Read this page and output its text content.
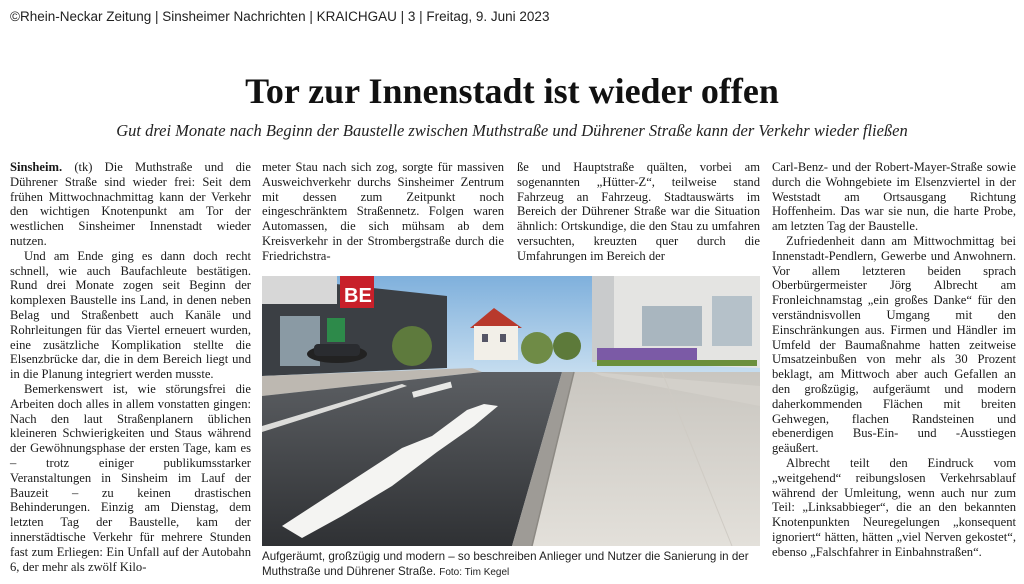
©Rhein-Neckar Zeitung | Sinsheimer Nachrichten | KRAICHGAU | 3 | Freitag, 9. Juni 2023
Tor zur Innenstadt ist wieder offen
Gut drei Monate nach Beginn der Baustelle zwischen Muthstraße und Dührener Straße kann der Verkehr wieder fließen

Sinsheim. (tk) Die Muthstraße und die Dührener Straße sind wieder frei: Seit dem frühen Mittwochnachmittag kann der Verkehr den wichtigen Knotenpunkt am Tor der westlichen Sinsheimer Innenstadt wieder nutzen.

Und am Ende ging es dann doch recht schnell, wie auch Baufachleute bestätigen. Rund drei Monate zogen seit Beginn der komplexen Baustelle ins Land, in denen neben Belag und Straßenbett auch Kanäle und Rohrleitungen für das Viertel erneuert wurden, eine zusätzliche Komplikation stellte die Elsenzbrücke dar, die in dem Bereich liegt und in die Planung integriert werden musste.

Bemerkenswert ist, wie störungsfrei die Arbeiten doch alles in allem vonstatten gingen: Nach den laut Straßenplanern üblichen kleineren Schwierigkeiten und Staus während der Gewöhnungsphase der ersten Tage, kam es – trotz einiger publikumsstarker Veranstaltungen in Sinsheim im Lauf der Bauzeit – zu keinen drastischen Behinderungen. Einzig am Dienstag, dem letzten Tag der Baustelle, kam der innerstädtische Verkehr für mehrere Stunden fast zum Erliegen: Ein Unfall auf der Autobahn 6, der mehr als zwölf Kilo-

meter Stau nach sich zog, sorgte für massiven Ausweichverkehr durchs Sinsheimer Zentrum mit dessen zum Zeitpunkt noch eingeschränktem Straßennetz. Folgen waren Automassen, die sich mühsam ab dem Kreisverkehr in der Strombergstraße durch die Friedrichstra-

ße und Hauptstraße quälten, vorbei am sogenannten „Hütter-Z“, teilweise stand Fahrzeug an Fahrzeug. Stadtauswärts im Bereich der Dührener Straße war die Situation ähnlich: Ortskundige, die den Stau zu umfahren versuchten, kreuzten quer durch die Umfahrungen im Bereich der

Carl-Benz- und der Robert-Mayer-Straße sowie durch die Wohngebiete im Elsenzviertel in der Weststadt am Ortsausgang Richtung Hoffenheim. Das war sie nun, die harte Probe, am letzten Tag der Baustelle.

Zufriedenheit dann am Mittwochmittag bei Innenstadt-Pendlern, Gewerbe und Anwohnern. Vor allem letzteren beiden sprach Oberbürgermeister Jörg Albrecht am Fronleichnamstag „ein großes Danke“ für den verständnisvollen Umgang mit den Einschränkungen aus. Firmen und Händler im Umfeld der Baumaßnahme hatten zeitweise Umsatzeinbußen von mehr als 30 Prozent beklagt, am Mittwoch aber auch Gefallen an den großzügig, aufgeräumt und modern daherkommenden Flächen mit breiten Gehwegen, flachen Randsteinen und ebenerdigen Bus-Ein- und -Ausstiegen geäußert.

Albrecht teilt den Eindruck vom „weitgehend“ reibungslosen Verkehrsablauf während der Umleitung, wenn auch nur zum Teil: „Linksabbieger“, die an den bekannten Knotenpunkten Neuregelungen „konsequent ignoriert“ hätten, hätten „viel Nerven gekostet“, ebenso „Falschfahrer in Einbahnstraßen“.

BE
Aufgeräumt, großzügig und modern – so beschreiben Anlieger und Nutzer die Sanierung in der Muthstraße und Dührener Straße. Foto: Tim Kegel
